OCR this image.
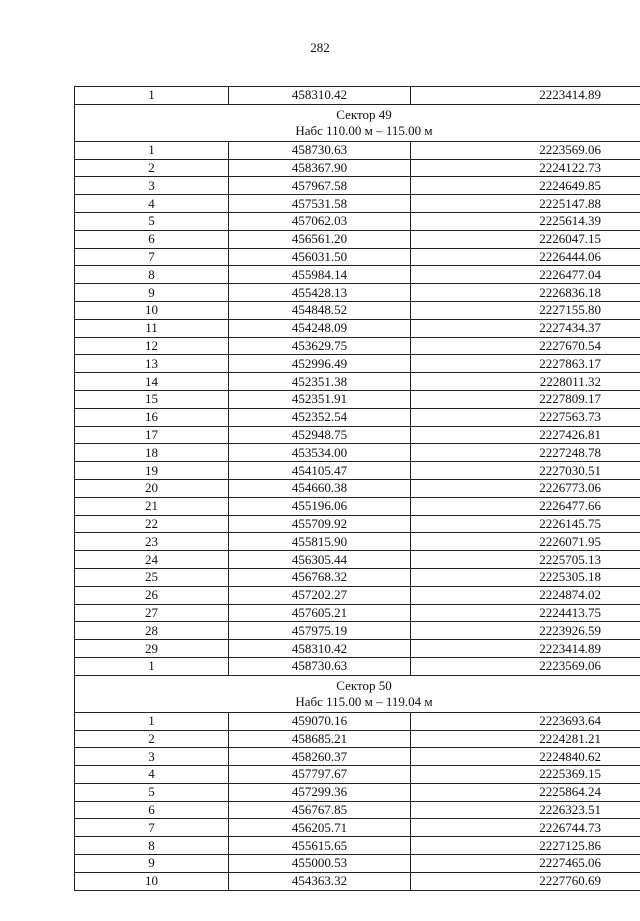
282
1	458310.42	2223414.89

Сектор 49
Набс 110.00 м – 115.00 м		

1	458730.63	2223569.06
2	458367.90	2224122.73
3	457967.58	2224649.85
4	457531.58	2225147.88
5	457062.03	2225614.39
6	456561.20	2226047.15
7	456031.50	2226444.06
8	455984.14	2226477.04
9	455428.13	2226836.18
10	454848.52	2227155.80
11	454248.09	2227434.37
12	453629.75	2227670.54
13	452996.49	2227863.17
14	452351.38	2228011.32
15	452351.91	2227809.17
16	452352.54	2227563.73
17	452948.75	2227426.81
18	453534.00	2227248.78
19	454105.47	2227030.51
20	454660.38	2226773.06
21	455196.06	2226477.66
22	455709.92	2226145.75
23	455815.90	2226071.95
24	456305.44	2225705.13
25	456768.32	2225305.18
26	457202.27	2224874.02
27	457605.21	2224413.75
28	457975.19	2223926.59
29	458310.42	2223414.89
1	458730.63	2223569.06

Сектор 50
Набс 115.00 м – 119.04 м		

1	459070.16	2223693.64
2	458685.21	2224281.21
3	458260.37	2224840.62
4	457797.67	2225369.15
5	457299.36	2225864.24
6	456767.85	2226323.51
7	456205.71	2226744.73
8	455615.65	2227125.86
9	455000.53	2227465.06
10	454363.32	2227760.69
